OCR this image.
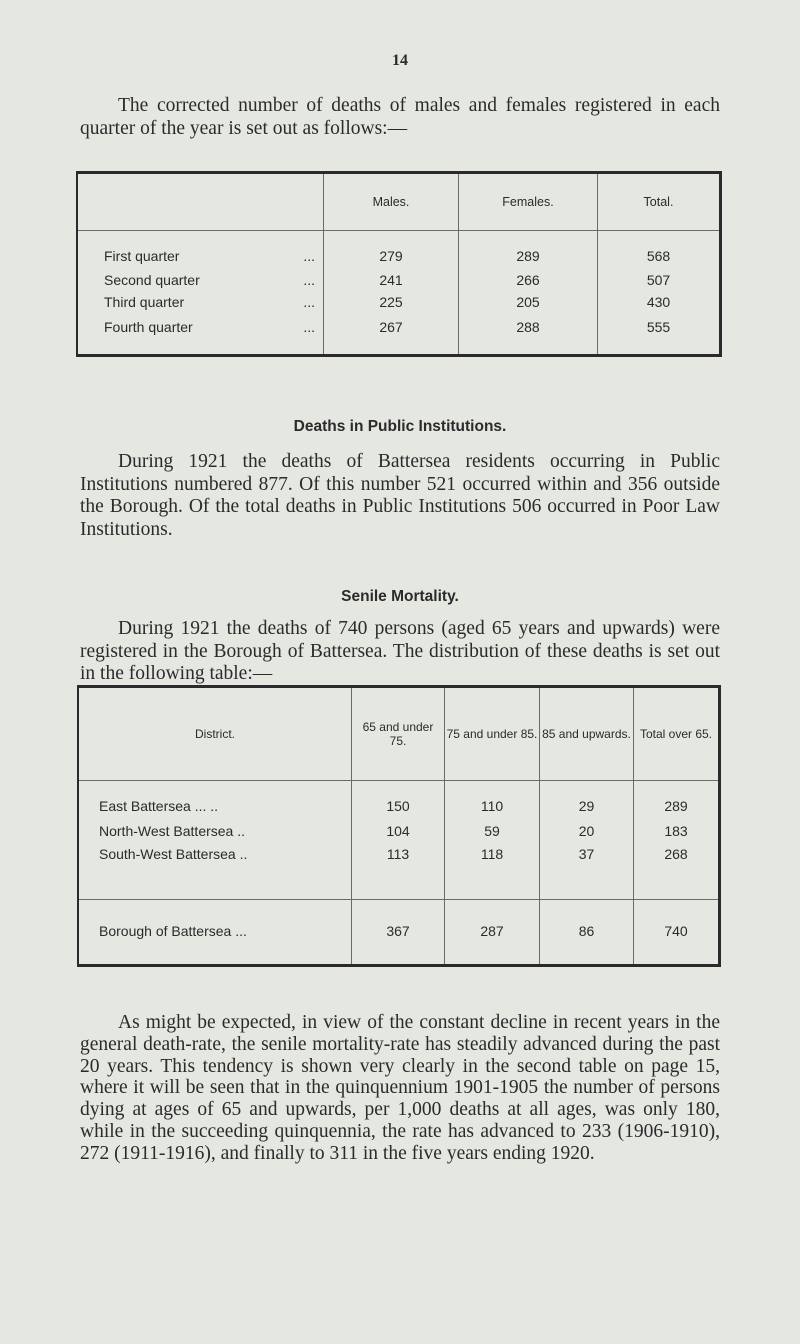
14

The corrected number of deaths of males and females registered in each quarter of the year is set out as follows:—

	Males.	Females.	Total.
First quarter ...	279	289	568
Second quarter ...	241	266	507
Third quarter ...	225	205	430
Fourth quarter ...	267	288	555
Deaths in Public Institutions.

During 1921 the deaths of Battersea residents occurring in Public Institutions numbered 877. Of this number 521 occurred within and 356 outside the Borough. Of the total deaths in Public Institutions 506 occurred in Poor Law Institutions.

Senile Mortality.

During 1921 the deaths of 740 persons (aged 65 years and upwards) were registered in the Borough of Battersea. The distribution of these deaths is set out in the following table:—

District.	65 and under 75.	75 and under 85.	85 and upwards.	Total over 65.
East Battersea ... ..	150	110	29	289
North-West Battersea ..	104	59	20	183
South-West Battersea ..	113	118	37	268

Borough of Battersea ...	367	287	86	740

As might be expected, in view of the constant decline in recent years in the general death-rate, the senile mortality-rate has steadily advanced during the past 20 years. This tendency is shown very clearly in the second table on page 15, where it will be seen that in the quinquennium 1901-1905 the number of persons dying at ages of 65 and upwards, per 1,000 deaths at all ages, was only 180, while in the succeeding quinquennia, the rate has advanced to 233 (1906-1910), 272 (1911-1916), and finally to 311 in the five years ending 1920.
